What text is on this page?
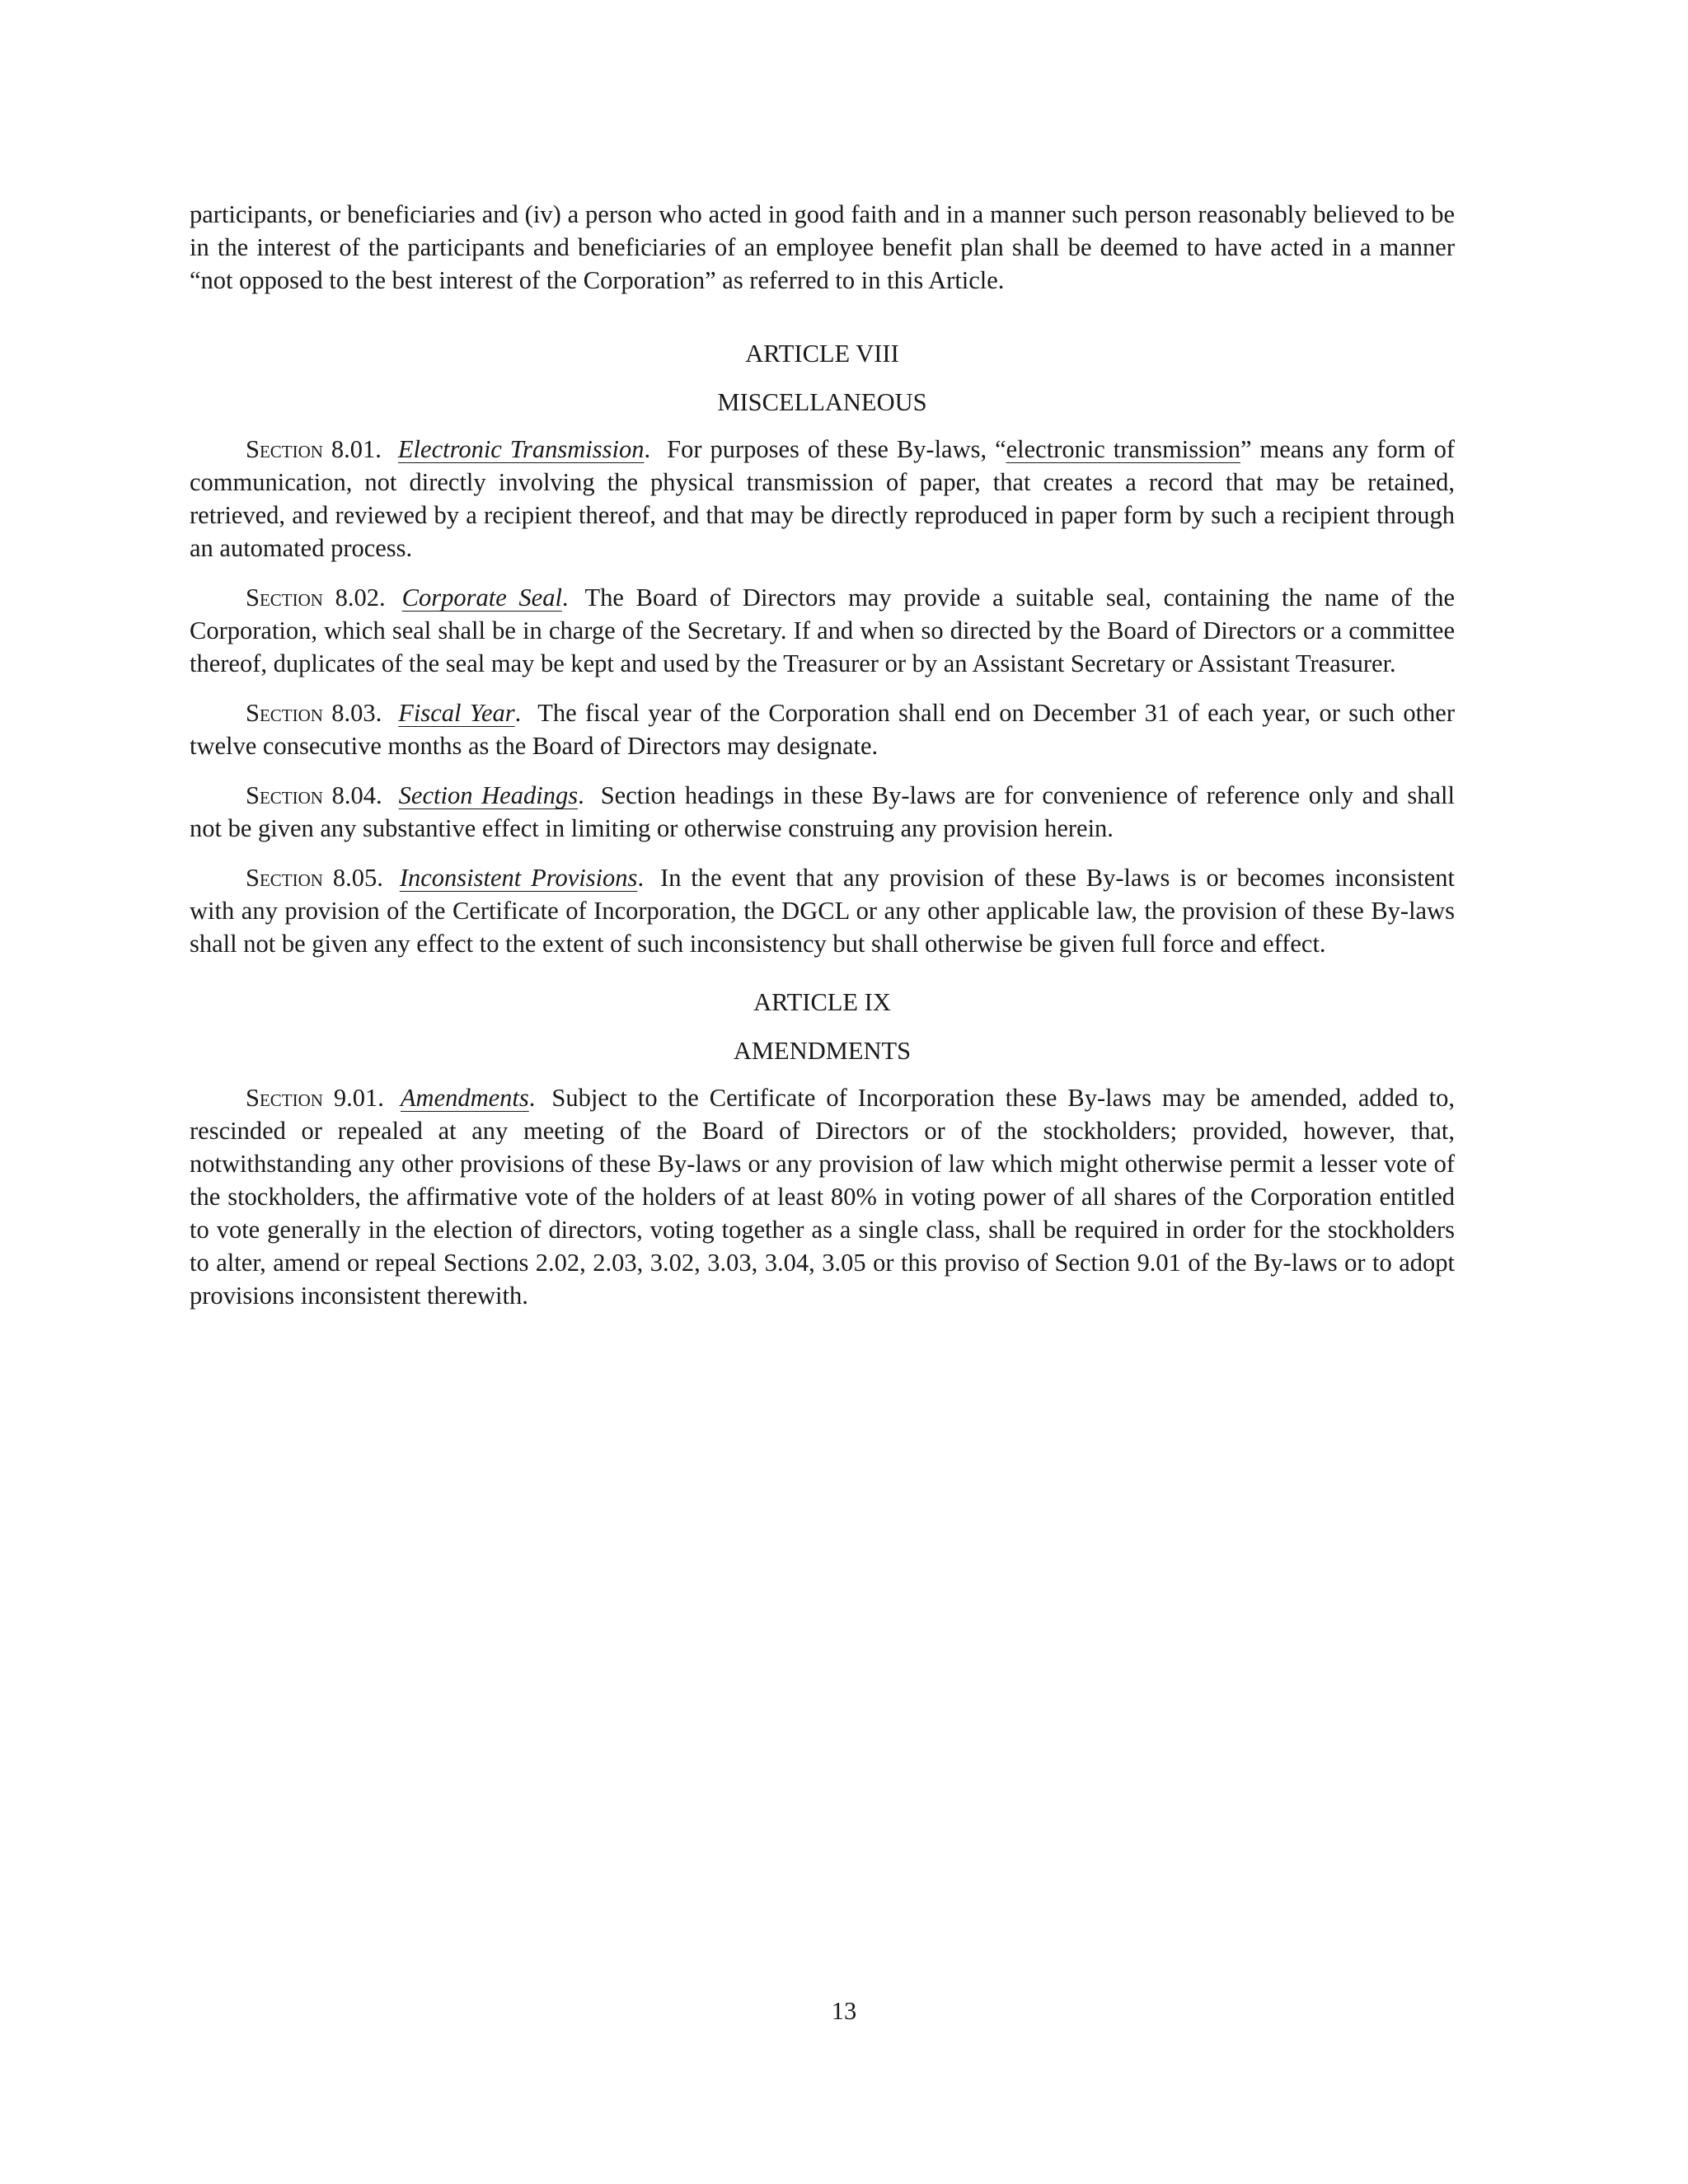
participants, or beneficiaries and (iv) a person who acted in good faith and in a manner such person reasonably believed to be in the interest of the participants and beneficiaries of an employee benefit plan shall be deemed to have acted in a manner “not opposed to the best interest of the Corporation” as referred to in this Article.

ARTICLE VIII
MISCELLANEOUS

Section 8.01. Electronic Transmission. For purposes of these By-laws, “electronic transmission” means any form of communication, not directly involving the physical transmission of paper, that creates a record that may be retained, retrieved, and reviewed by a recipient thereof, and that may be directly reproduced in paper form by such a recipient through an automated process.

Section 8.02. Corporate Seal. The Board of Directors may provide a suitable seal, containing the name of the Corporation, which seal shall be in charge of the Secretary. If and when so directed by the Board of Directors or a committee thereof, duplicates of the seal may be kept and used by the Treasurer or by an Assistant Secretary or Assistant Treasurer.

Section 8.03. Fiscal Year. The fiscal year of the Corporation shall end on December 31 of each year, or such other twelve consecutive months as the Board of Directors may designate.

Section 8.04. Section Headings. Section headings in these By-laws are for convenience of reference only and shall not be given any substantive effect in limiting or otherwise construing any provision herein.

Section 8.05. Inconsistent Provisions. In the event that any provision of these By-laws is or becomes inconsistent with any provision of the Certificate of Incorporation, the DGCL or any other applicable law, the provision of these By-laws shall not be given any effect to the extent of such inconsistency but shall otherwise be given full force and effect.

ARTICLE IX
AMENDMENTS

Section 9.01. Amendments. Subject to the Certificate of Incorporation these By-laws may be amended, added to, rescinded or repealed at any meeting of the Board of Directors or of the stockholders; provided, however, that, notwithstanding any other provisions of these By-laws or any provision of law which might otherwise permit a lesser vote of the stockholders, the affirmative vote of the holders of at least 80% in voting power of all shares of the Corporation entitled to vote generally in the election of directors, voting together as a single class, shall be required in order for the stockholders to alter, amend or repeal Sections 2.02, 2.03, 3.02, 3.03, 3.04, 3.05 or this proviso of Section 9.01 of the By-laws or to adopt provisions inconsistent therewith.

13
